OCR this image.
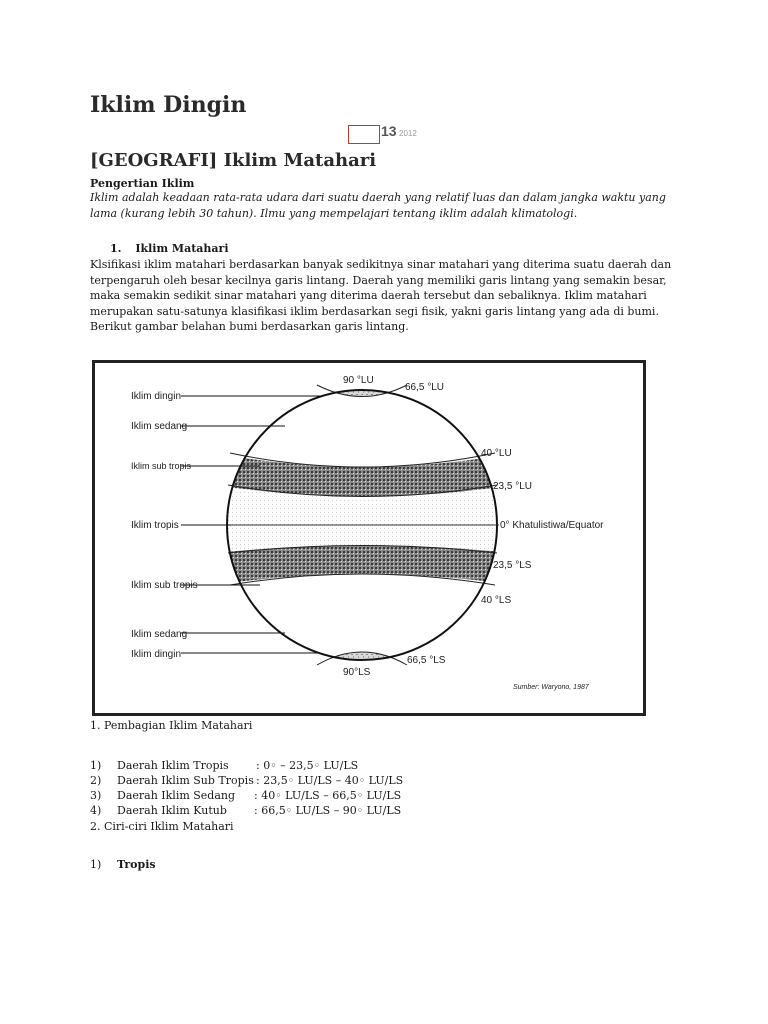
Iklim Dingin
13 2012
[GEOGRAFI] Iklim Matahari
Pengertian Iklim
Iklim adalah keadaan rata-rata udara dari suatu daerah yang relatif luas dan dalam jangka waktu yang lama (kurang lebih 30 tahun). Ilmu yang mempelajari tentang iklim adalah klimatologi.
1. Iklim Matahari
Klsifikasi iklim matahari berdasarkan banyak sedikitnya sinar matahari yang diterima suatu daerah dan terpengaruh oleh besar kecilnya garis lintang. Daerah yang memiliki garis lintang yang semakin besar, maka semakin sedikit sinar matahari yang diterima daerah tersebut dan sebaliknya. Iklim matahari merupakan satu-satunya klasifikasi iklim berdasarkan segi fisik, yakni garis lintang yang ada di bumi. Berikut gambar belahan bumi berdasarkan garis lintang.
Iklim dingin
Iklim sedang
Iklim sub tropis
Iklim tropis
Iklim sub tropis
Iklim sedang
Iklim dingin
90 °LU
66,5 °LU
40 °LU
23,5 °LU
0° Khatulistiwa/Equator
23,5 °LS
40 °LS
66,5 °LS
90°LS
Sumber: Waryono, 1987
1. Pembagian Iklim Matahari
1) Daerah Iklim Tropis : 0◦ – 23,5◦ LU/LS
2) Daerah Iklim Sub Tropis : 23,5◦ LU/LS – 40◦ LU/LS
3) Daerah Iklim Sedang : 40◦ LU/LS – 66,5◦ LU/LS
4) Daerah Iklim Kutub : 66,5◦ LU/LS – 90◦ LU/LS
2. Ciri-ciri Iklim Matahari
1) Tropis
